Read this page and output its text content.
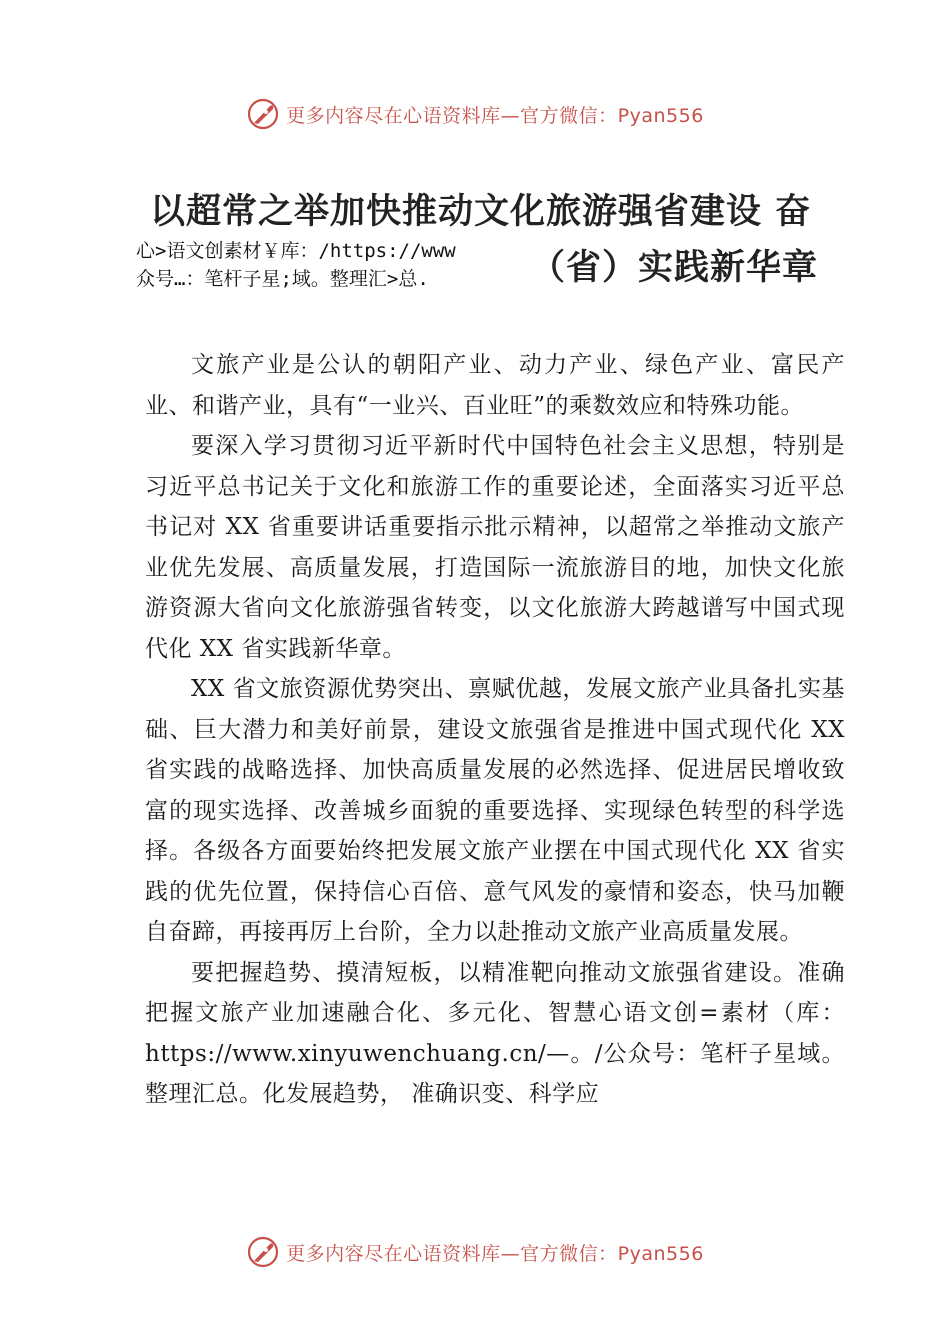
更多内容尽在心语资料库—官方微信：Pyan556
以超常之举加快推动文化旅游强省建设 奋
心>语文创素材￥库：/https://www
众号…：笔杆子星;域。整理汇>总.	（省）实践新华章

文旅产业是公认的朝阳产业、动力产业、绿色产业、富民产业、和谐产业，具有“一业兴、百业旺”的乘数效应和特殊功能。

要深入学习贯彻习近平新时代中国特色社会主义思想，特别是习近平总书记关于文化和旅游工作的重要论述，全面落实习近平总书记对 XX 省重要讲话重要指示批示精神，以超常之举推动文旅产业优先发展、高质量发展，打造国际一流旅游目的地，加快文化旅游资源大省向文化旅游强省转变，以文化旅游大跨越谱写中国式现代化 XX 省实践新华章。

XX 省文旅资源优势突出、禀赋优越，发展文旅产业具备扎实基础、巨大潜力和美好前景，建设文旅强省是推进中国式现代化 XX 省实践的战略选择、加快高质量发展的必然选择、促进居民增收致富的现实选择、改善城乡面貌的重要选择、实现绿色转型的科学选择。各级各方面要始终把发展文旅产业摆在中国式现代化 XX 省实践的优先位置，保持信心百倍、意气风发的豪情和姿态，快马加鞭自奋蹄，再接再厉上台阶，全力以赴推动文旅产业高质量发展。

要把握趋势、摸清短板，以精准靶向推动文旅强省建设。准确把握文旅产业加速融合化、多元化、智慧心语文创=素材（库：https://www.xinyuwenchuang.cn/—。/公众号：笔杆子星域。整理汇总。化发展趋势， 准确识变、科学应

更多内容尽在心语资料库—官方微信：Pyan556
